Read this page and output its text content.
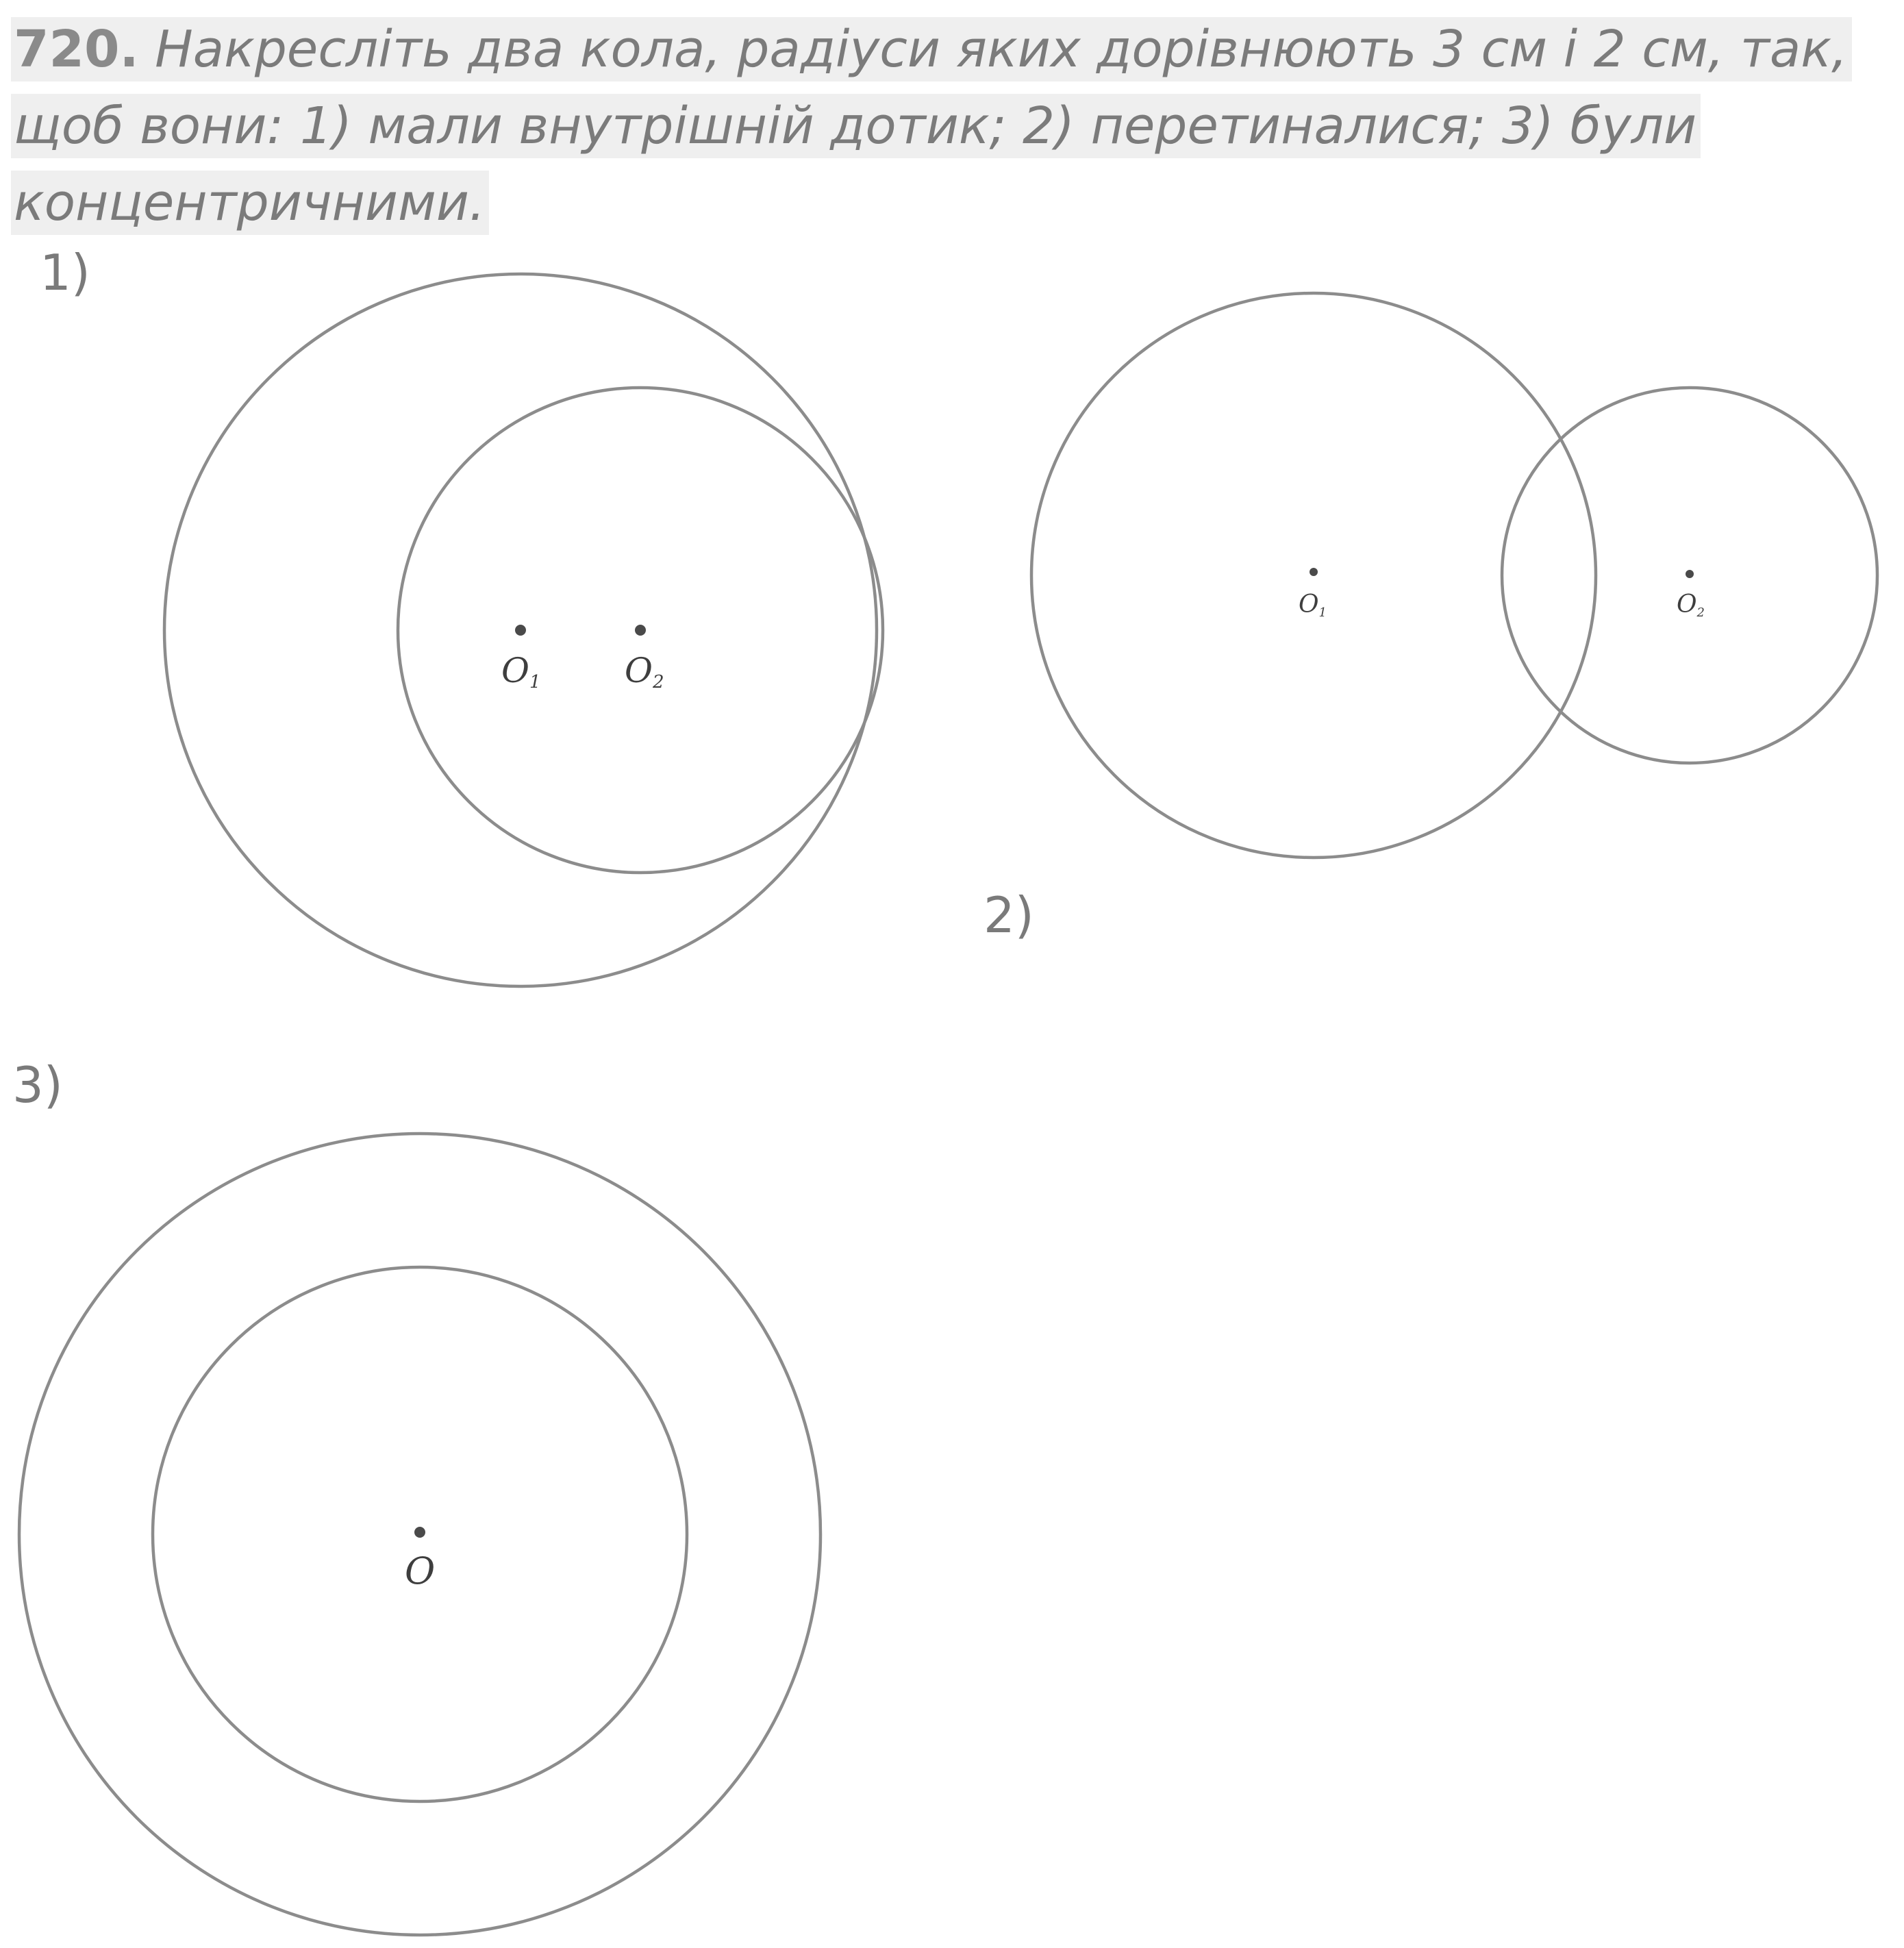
720. Накресліть два кола, радіуси яких дорівнюють 3 см і 2 см, так,
щоб вони: 1) мали внутрішній дотик; 2) перетиналися; 3) були
концентричними.
1)
2)
3)
O1 O2
O1	O2
O
